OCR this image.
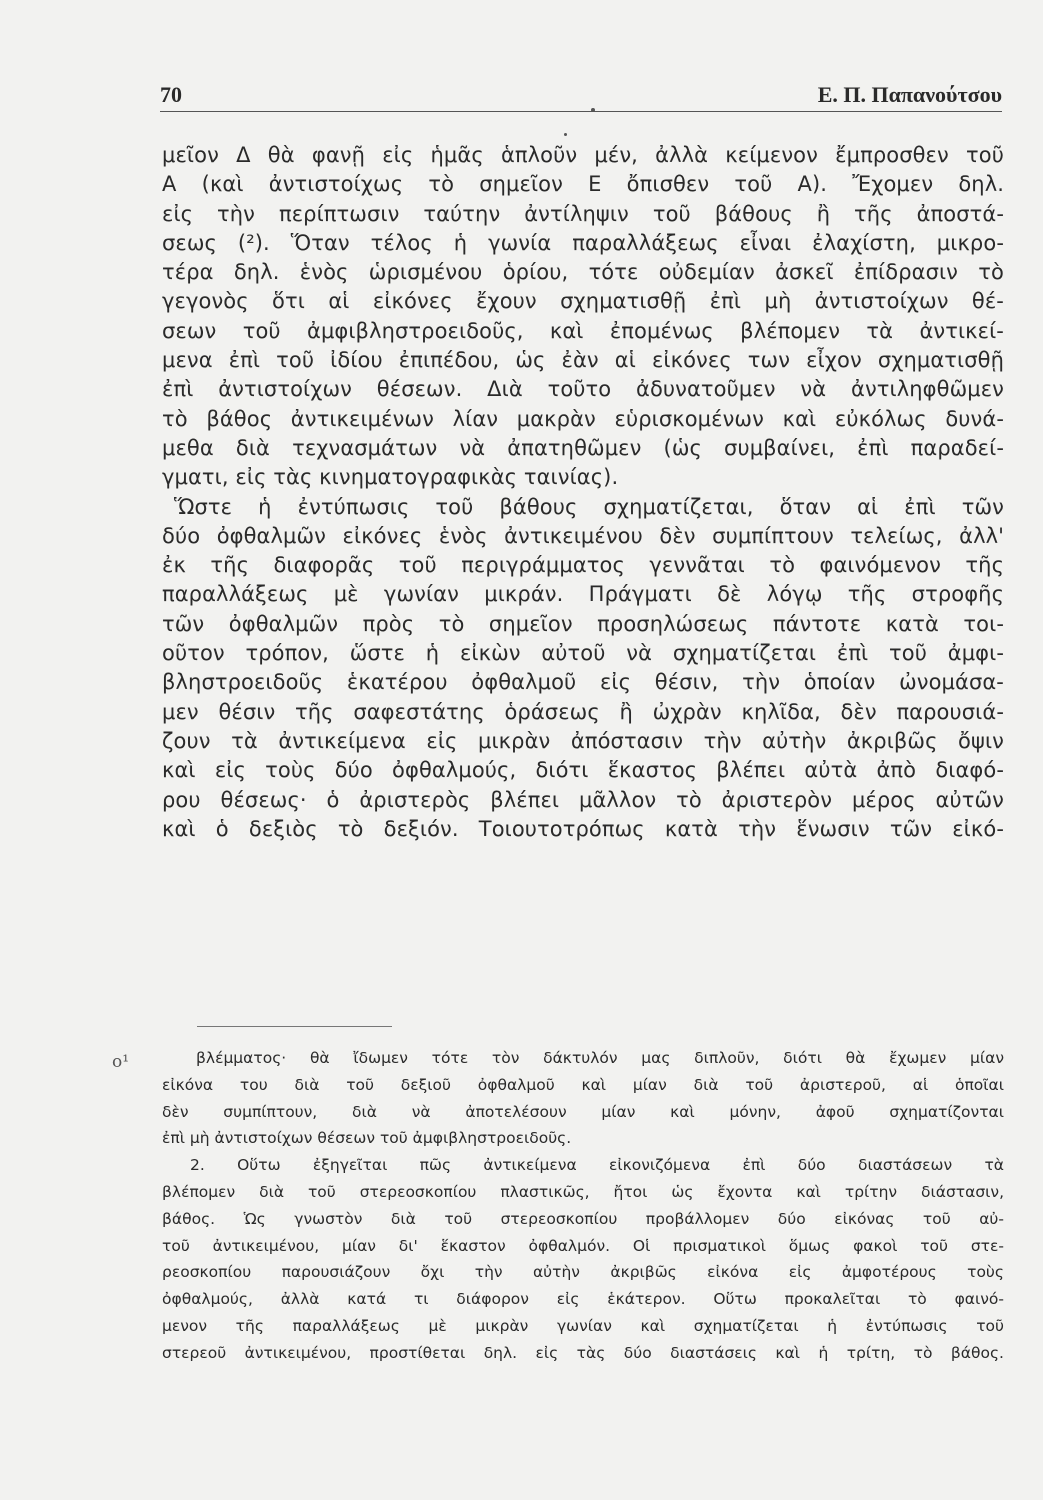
70	Ε. Π. Παπανούτσου
μεῖον Δ θὰ φανῇ εἰς ἡμᾶς ἁπλοῦν μέν, ἀλλὰ κείμενον ἔμπροσθεν τοῦ
Α (καὶ ἀντιστοίχως τὸ σημεῖον Ε ὄπισθεν τοῦ Α). Ἔχομεν δηλ.
εἰς τὴν περίπτωσιν ταύτην ἀντίληψιν τοῦ βάθους ἢ τῆς ἀποστά-
σεως (²). Ὅταν τέλος ἡ γωνία παραλλάξεως εἶναι ἐλαχίστη, μικρο-
τέρα δηλ. ἑνὸς ὡρισμένου ὁρίου, τότε οὐδεμίαν ἀσκεῖ ἐπίδρασιν τὸ
γεγονὸς ὅτι αἱ εἰκόνες ἔχουν σχηματισθῇ ἐπὶ μὴ ἀντιστοίχων θέ-
σεων τοῦ ἀμφιβληστροειδοῦς, καὶ ἐπομένως βλέπομεν τὰ ἀντικεί-
μενα ἐπὶ τοῦ ἰδίου ἐπιπέδου, ὡς ἐὰν αἱ εἰκόνες των εἶχον σχηματισθῇ
ἐπὶ ἀντιστοίχων θέσεων. Διὰ τοῦτο ἀδυνατοῦμεν νὰ ἀντιληφθῶμεν
τὸ βάθος ἀντικειμένων λίαν μακρὰν εὑρισκομένων καὶ εὐκόλως δυνά-
μεθα διὰ τεχνασμάτων νὰ ἀπατηθῶμεν (ὡς συμβαίνει, ἐπὶ παραδεί-
γματι, εἰς τὰς κινηματογραφικὰς ταινίας).
Ὥστε ἡ ἐντύπωσις τοῦ βάθους σχηματίζεται, ὅταν αἱ ἐπὶ τῶν
δύο ὀφθαλμῶν εἰκόνες ἑνὸς ἀντικειμένου δὲν συμπίπτουν τελείως, ἀλλ'
ἐκ τῆς διαφορᾶς τοῦ περιγράμματος γεννᾶται τὸ φαινόμενον τῆς
παραλλάξεως μὲ γωνίαν μικράν. Πράγματι δὲ λόγῳ τῆς στροφῆς
τῶν ὀφθαλμῶν πρὸς τὸ σημεῖον προσηλώσεως πάντοτε κατὰ τοι-
οῦτον τρόπον, ὥστε ἡ εἰκὼν αὐτοῦ νὰ σχηματίζεται ἐπὶ τοῦ ἀμφι-
βληστροειδοῦς ἑκατέρου ὀφθαλμοῦ εἰς θέσιν, τὴν ὁποίαν ὠνομάσα-
μεν θέσιν τῆς σαφεστάτης ὁράσεως ἢ ὠχρὰν κηλῖδα, δὲν παρουσιά-
ζουν τὰ ἀντικείμενα εἰς μικρὰν ἀπόστασιν τὴν αὐτὴν ἀκριβῶς ὄψιν
καὶ εἰς τοὺς δύο ὀφθαλμούς, διότι ἕκαστος βλέπει αὐτὰ ἀπὸ διαφό-
ρου θέσεως· ὁ ἀριστερὸς βλέπει μᾶλλον τὸ ἀριστερὸν μέρος αὐτῶν
καὶ ὁ δεξιὸς τὸ δεξιόν. Τοιουτοτρόπως κατὰ τὴν ἕνωσιν τῶν εἰκό-
ο¹	βλέμματος· θὰ ἴδωμεν τότε τὸν δάκτυλόν μας διπλοῦν, διότι θὰ ἔχωμεν μίαν
εἰκόνα του διὰ τοῦ δεξιοῦ ὀφθαλμοῦ καὶ μίαν διὰ τοῦ ἀριστεροῦ, αἱ ὁποῖαι
δὲν συμπίπτουν, διὰ νὰ ἀποτελέσουν μίαν καὶ μόνην, ἀφοῦ σχηματίζονται
ἐπὶ μὴ ἀντιστοίχων θέσεων τοῦ ἀμφιβληστροειδοῦς.
2. Οὕτω ἐξηγεῖται πῶς ἀντικείμενα εἰκονιζόμενα ἐπὶ δύο διαστάσεων τὰ
βλέπομεν διὰ τοῦ στερεοσκοπίου πλαστικῶς, ἤτοι ὡς ἔχοντα καὶ τρίτην διάστασιν,
βάθος. Ὡς γνωστὸν διὰ τοῦ στερεοσκοπίου προβάλλομεν δύο εἰκόνας τοῦ αὐ-
τοῦ ἀντικειμένου, μίαν δι' ἕκαστον ὀφθαλμόν. Οἱ πρισματικοὶ ὅμως φακοὶ τοῦ στε-
ρεοσκοπίου παρουσιάζουν ὄχι τὴν αὐτὴν ἀκριβῶς εἰκόνα εἰς ἀμφοτέρους τοὺς
ὀφθαλμούς, ἀλλὰ κατά τι διάφορον εἰς ἑκάτερον. Οὕτω προκαλεῖται τὸ φαινό-
μενον τῆς παραλλάξεως μὲ μικρὰν γωνίαν καὶ σχηματίζεται ἡ ἐντύπωσις τοῦ
στερεοῦ ἀντικειμένου, προστίθεται δηλ. εἰς τὰς δύο διαστάσεις καὶ ἡ τρίτη, τὸ βάθος.
